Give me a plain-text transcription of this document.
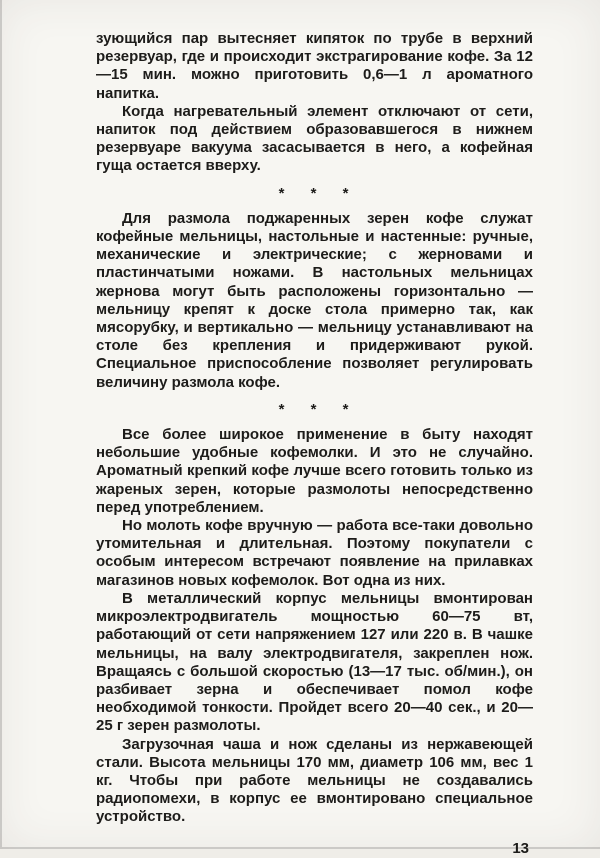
зующийся пар вытесняет кипяток по трубе в верхний резервуар, где и происходит экстрагирование кофе. За 12—15 мин. можно приготовить 0,6—1 л ароматного напитка.

Когда нагревательный элемент отключают от сети, напиток под действием образовавшегося в нижнем резервуаре вакуума засасывается в него, а кофейная гуща остается вверху.

* * *

Для размола поджаренных зерен кофе служат кофейные мельницы, настольные и настенные: ручные, механические и электрические; с жерновами и пластинчатыми ножами. В настольных мельницах жернова могут быть расположены горизонтально — мельницу крепят к доске стола примерно так, как мясорубку, и вертикально — мельницу устанавливают на столе без крепления и придерживают рукой. Специальное приспособление позволяет регулировать величину размола кофе.

* * *

Все более широкое применение в быту находят небольшие удобные кофемолки. И это не случайно. Ароматный крепкий кофе лучше всего готовить только из жареных зерен, которые размолоты непосредственно перед употреблением.

Но молоть кофе вручную — работа все-таки довольно утомительная и длительная. Поэтому покупатели с особым интересом встречают появление на прилавках магазинов новых кофемолок. Вот одна из них.

В металлический корпус мельницы вмонтирован микроэлектродвигатель мощностью 60—75 вт, работающий от сети напряжением 127 или 220 в. В чашке мельницы, на валу электродвигателя, закреплен нож. Вращаясь с большой скоростью (13—17 тыс. об/мин.), он разбивает зерна и обеспечивает помол кофе необходимой тонкости. Пройдет всего 20—40 сек., и 20—25 г зерен размолоты.

Загрузочная чаша и нож сделаны из нержавеющей стали. Высота мельницы 170 мм, диаметр 106 мм, вес 1 кг. Чтобы при работе мельницы не создавались радиопомехи, в корпус ее вмонтировано специальное устройство.

13
